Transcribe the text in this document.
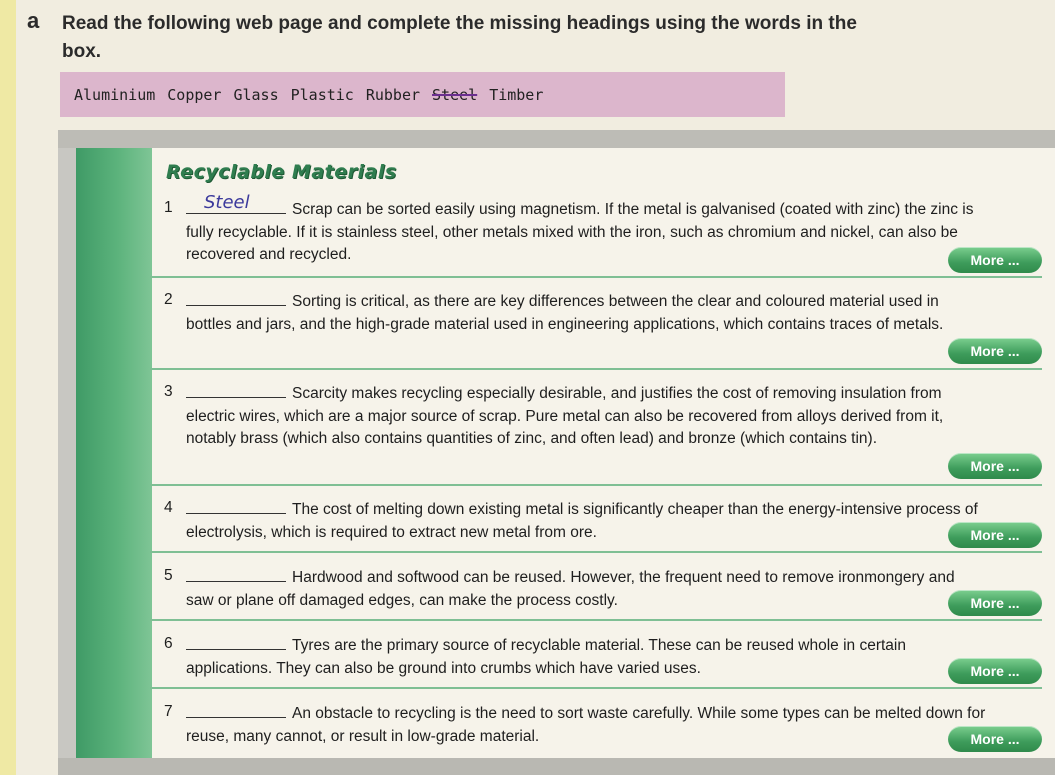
a Read the following web page and complete the missing headings using the words in the box.
Aluminium Copper Glass Plastic Rubber Steel Timber
Recyclable Materials
1 Steel	Scrap can be sorted easily using magnetism. If the metal is galvanised (coated with zinc) the zinc is fully recyclable. If it is stainless steel, other metals mixed with the iron, such as chromium and nickel, can also be recovered and recycled.	More ...
2	Sorting is critical, as there are key differences between the clear and coloured material used in bottles and jars, and the high-grade material used in engineering applications, which contains traces of metals.
More ...
3	Scarcity makes recycling especially desirable, and justifies the cost of removing insulation from electric wires, which are a major source of scrap. Pure metal can also be recovered from alloys derived from it, notably brass (which also contains quantities of zinc, and often lead) and bronze (which contains tin).
More ...
4	The cost of melting down existing metal is significantly cheaper than the energy-intensive process of electrolysis, which is required to extract new metal from ore.	More ...
5	Hardwood and softwood can be reused. However, the frequent need to remove ironmongery and saw or plane off damaged edges, can make the process costly.	More ...
6	Tyres are the primary source of recyclable material. These can be reused whole in certain applications. They can also be ground into crumbs which have varied uses.	More ...
7	An obstacle to recycling is the need to sort waste carefully. While some types can be melted down for reuse, many cannot, or result in low-grade material.	More ...
